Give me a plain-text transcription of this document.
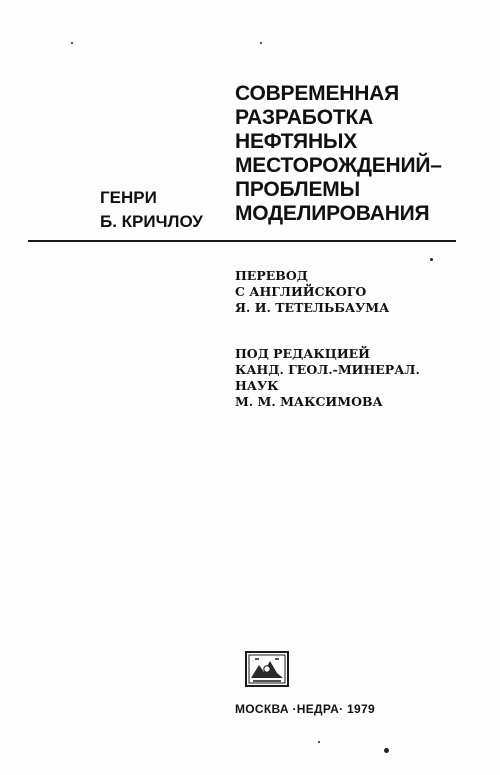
СОВРЕМЕННАЯ
РАЗРАБОТКА
НЕФТЯНЫХ
МЕСТОРОЖДЕНИЙ–
ПРОБЛЕМЫ
МОДЕЛИРОВАНИЯ
ГЕНРИ
Б. КРИЧЛОУ
ПЕРЕВОД
С АНГЛИЙСКОГО
Я. И. ТЕТЕЛЬБАУМА
ПОД РЕДАКЦИЕЙ
КАНД. ГЕОЛ.-МИНЕРАЛ.
НАУК
М. М. МАКСИМОВА

МОСКВА ·НЕДРА· 1979
